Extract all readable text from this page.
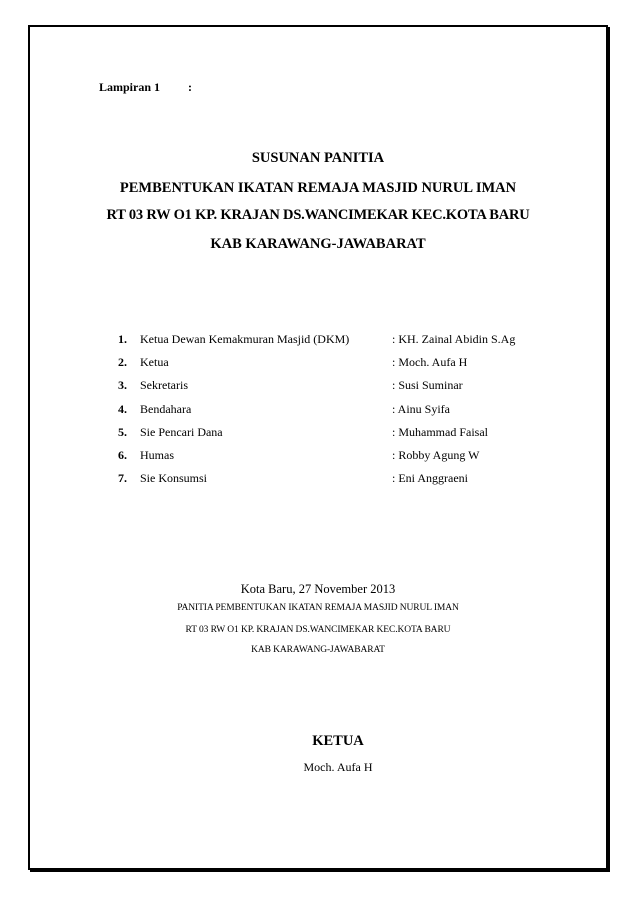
Lampiran 1 :
SUSUNAN PANITIA
PEMBENTUKAN IKATAN REMAJA MASJID NURUL IMAN
RT 03 RW O1 KP. KRAJAN DS.WANCIMEKAR KEC.KOTA BARU
KAB KARAWANG-JAWABARAT
1.	Ketua Dewan Kemakmuran Masjid (DKM)	: KH. Zainal Abidin S.Ag
2.	Ketua	: Moch. Aufa H
3.	Sekretaris	: Susi Suminar
4.	Bendahara	: Ainu Syifa
5.	Sie Pencari Dana	: Muhammad Faisal
6.	Humas	: Robby Agung W
7.	Sie Konsumsi	: Eni Anggraeni
Kota Baru, 27 November 2013
PANITIA PEMBENTUKAN IKATAN REMAJA MASJID NURUL IMAN
RT 03 RW O1 KP. KRAJAN DS.WANCIMEKAR KEC.KOTA BARU
KAB KARAWANG-JAWABARAT
KETUA
Moch. Aufa H
